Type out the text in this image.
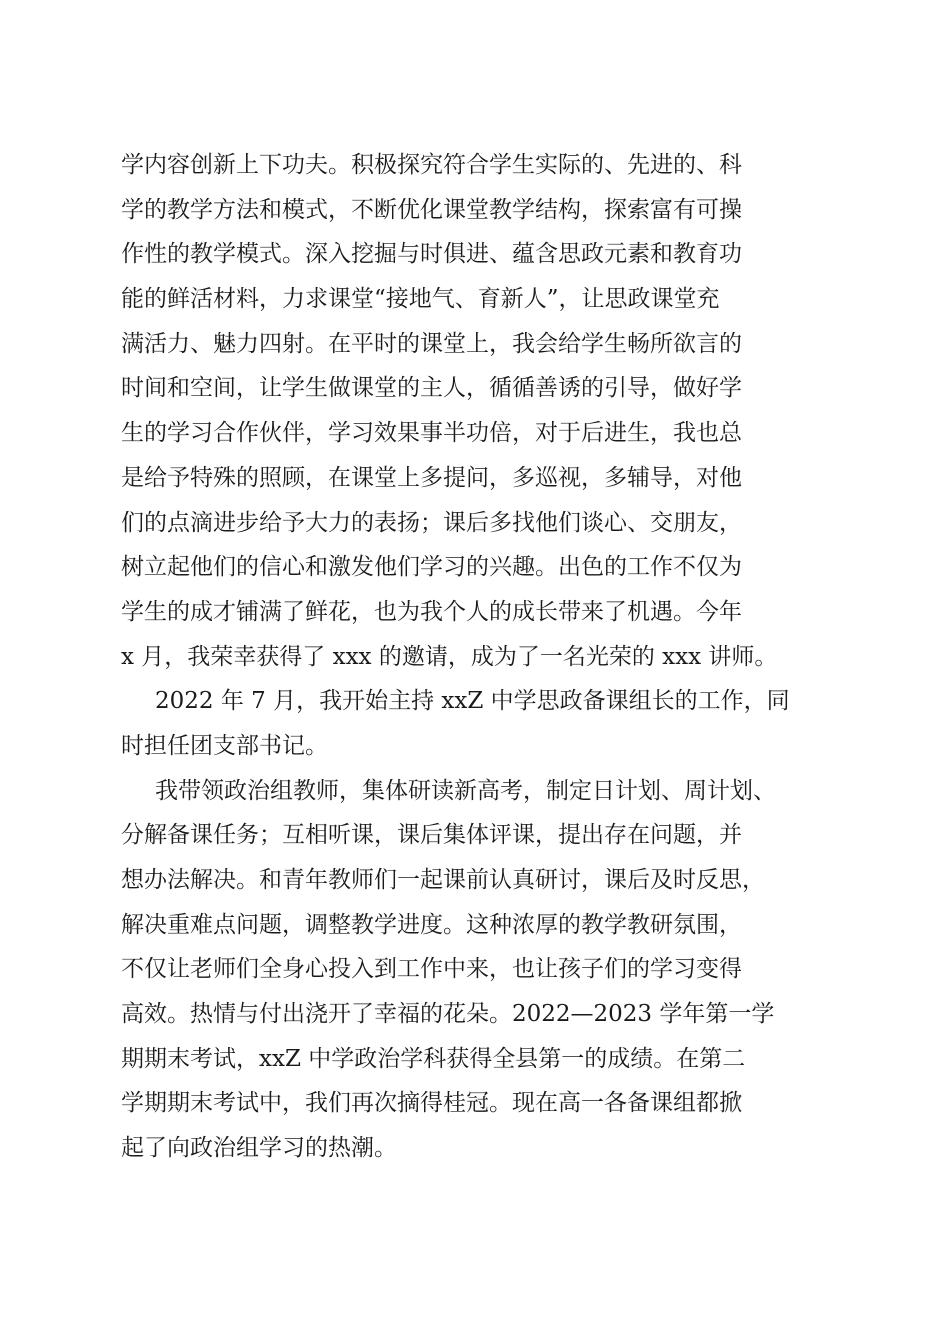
学内容创新上下功夫。积极探究符合学生实际的、先进的、科
学的教学方法和模式，不断优化课堂教学结构，探索富有可操
作性的教学模式。深入挖掘与时俱进、蕴含思政元素和教育功
能的鲜活材料，力求课堂“接地气、育新人”，让思政课堂充
满活力、魅力四射。在平时的课堂上，我会给学生畅所欲言的
时间和空间，让学生做课堂的主人，循循善诱的引导，做好学
生的学习合作伙伴，学习效果事半功倍，对于后进生，我也总
是给予特殊的照顾，在课堂上多提问，多巡视，多辅导，对他
们的点滴进步给予大力的表扬；课后多找他们谈心、交朋友，
树立起他们的信心和激发他们学习的兴趣。出色的工作不仅为
学生的成才铺满了鲜花，也为我个人的成长带来了机遇。今年
x 月，我荣幸获得了 xxx 的邀请，成为了一名光荣的 xxx 讲师。
2022 年 7 月，我开始主持 xxZ 中学思政备课组长的工作，同
时担任团支部书记。
我带领政治组教师，集体研读新高考，制定日计划、周计划、
分解备课任务；互相听课，课后集体评课，提出存在问题，并
想办法解决。和青年教师们一起课前认真研讨，课后及时反思，
解决重难点问题，调整教学进度。这种浓厚的教学教研氛围，
不仅让老师们全身心投入到工作中来，也让孩子们的学习变得
高效。热情与付出浇开了幸福的花朵。2022—2023 学年第一学
期期末考试，xxZ 中学政治学科获得全县第一的成绩。在第二
学期期末考试中，我们再次摘得桂冠。现在高一各备课组都掀
起了向政治组学习的热潮。
